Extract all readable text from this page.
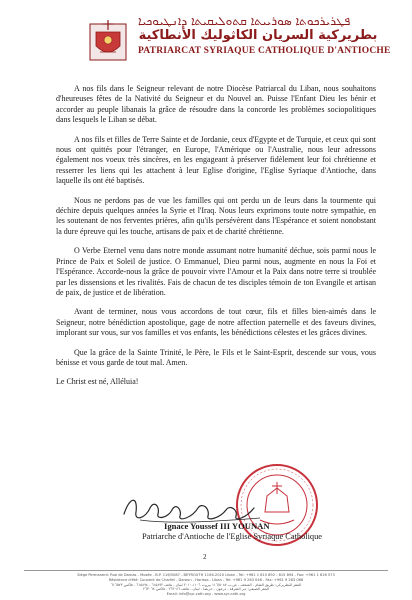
ܦܛܪܝܪܟܘܬܐ ܣܘܪܝܝܬܐ ܩܬܘܠܝܩܝܬܐ ܕܐܢܛܝܘܟܝܐ
بطريركية السريان الكاثوليك الأنطاكية
PATRIARCAT SYRIAQUE CATHOLIQUE D'ANTIOCHE

A nos fils dans le Seigneur relevant de notre Diocèse Patriarcal du Liban, nous souhaitons d'heureuses fêtes de la Nativité du Seigneur et du Nouvel an. Puisse l'Enfant Dieu les bénir et accorder au peuple libanais la grâce de résoudre dans la concorde les problèmes sociopolitiques dans lesquels le Liban se débat.

A nos fils et filles de Terre Sainte et de Jordanie, ceux d'Egypte et de Turquie, et ceux qui sont nous ont quittés pour l'étranger, en Europe, l'Amérique ou l'Australie, nous leur adressons également nos voeux très sincères, en les engageant à préserver fidèlement leur foi chrétienne et resserrer les liens qui les attachent à leur Eglise d'origine, l'Eglise Syriaque d'Antioche, dans laquelle ils ont été baptisés.

Nous ne perdons pas de vue les familles qui ont perdu un de leurs dans la tourmente qui déchire depuis quelques années la Syrie et l'Iraq. Nous leurs exprimons toute notre sympathie, en les soutenant de nos ferventes prières, afin qu'ils persévèrent dans l'Espérance et soient nonobstant la dure épreuve qui les touche, artisans de paix et de charité chrétienne.

O Verbe Eternel venu dans notre monde assumant notre humanité déchue, sois parmi nous le Prince de Paix et Soleil de justice. O Emmanuel, Dieu parmi nous, augmente en nous la Foi et l'Espérance. Accorde-nous la grâce de pouvoir vivre l'Amour et la Paix dans notre terre si troublée par les dissensions et les rivalités. Fais de chacun de tes disciples témoin de ton Evangile et artisan de paix, de justice et de libération.

Avant de terminer, nous vous accordons de tout cœur, fils et filles bien-aimés dans le Seigneur, notre bénédiction apostolique, gage de notre affection paternelle et des faveurs divines, implorant sur vous, sur vos familles et vos enfants, les bénédictions célestes et les grâces divines.

Que la grâce de la Sainte Trinité, le Père, le Fils et le Saint-Esprit, descende sur vous, vous bénisse et vous garde de tout mal. Amen.

Le Christ est né, Alléluia!

Ignace Youssef III YOUNAN
Patriarche d'Antioche de l'Eglise Syriaque Catholique
2
Siège Permanent: Rue de Damas - Musée - B.P. 116/5087 - BEYROUTH 1106-2010 Liban - Tel: +961 1 615 892 - 615 894 - Fax: +961 1 616 573
Résidence d'été: Couvent de Charfet - Daroun - Harissa - Liban - Tel: +961 9 263 046 - Fax: +961 9 263 068
المقر البطريركي: طريق الشام - المتحف - ص.ب ١١٦/٥٠٨٧ بيروت ١١٠٦-٢٠١٠ لبنان - هاتف ٦١٥٨٩٢ - ٦١٥٨٩٤ - فاكس ٦١٦٥٧٣
المقر الصيفي: دير الشرفة - درعون - حريصا - لبنان - هاتف ٢٦٣٠٤٦ - فاكس ٢٦٣٠٦٨
Email: info@syr-cath.org - www.syr-cath.org
